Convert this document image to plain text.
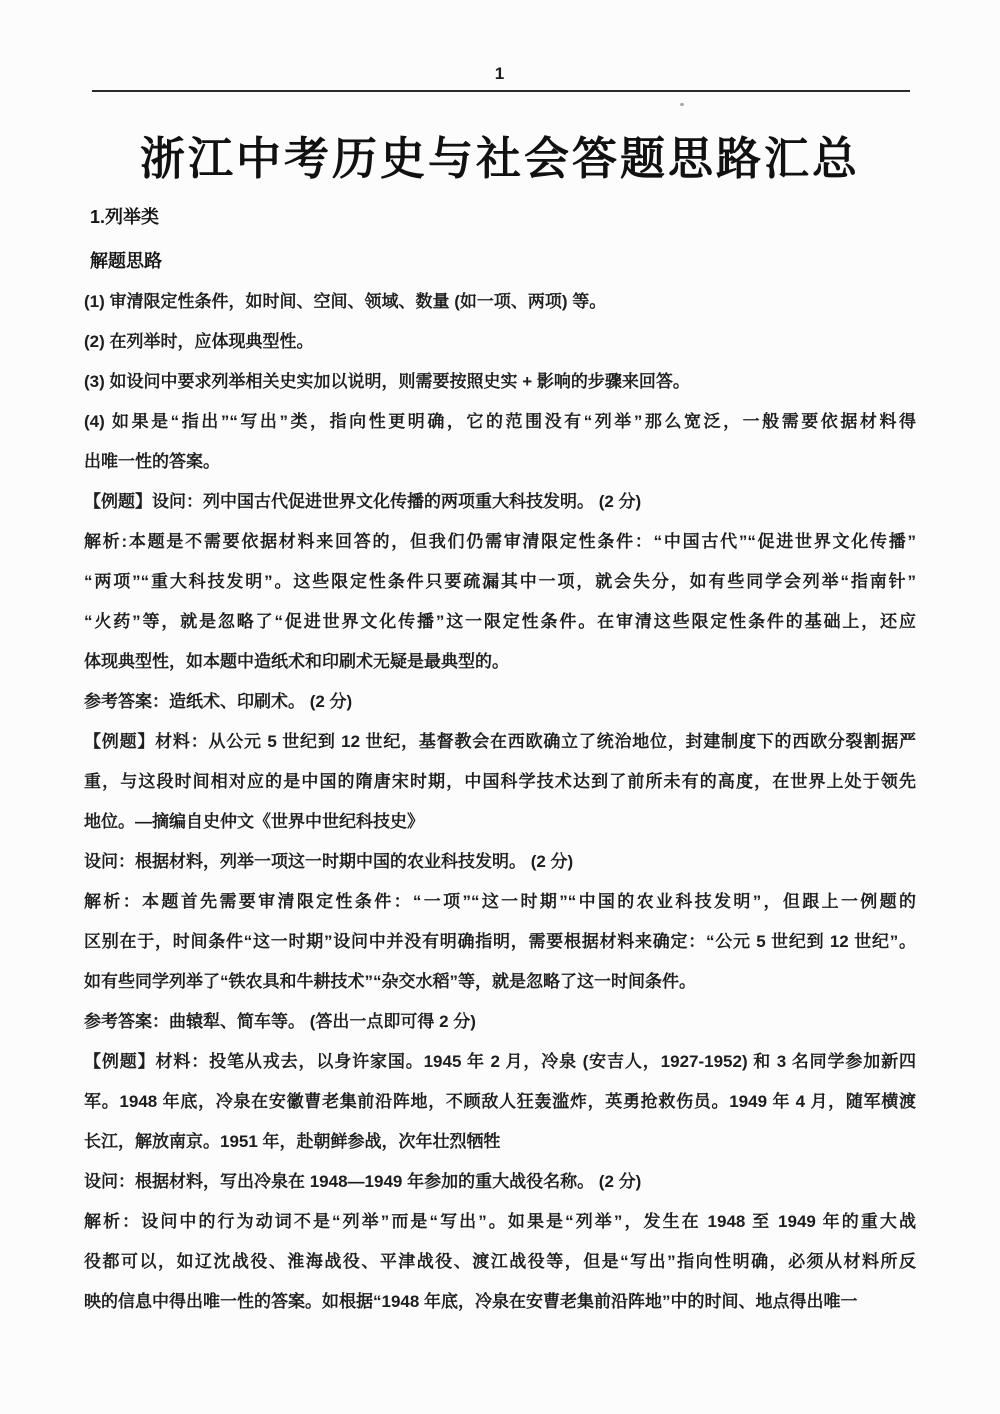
1
浙江中考历史与社会答题思路汇总
1.列举类
解题思路
(1) 审清限定性条件，如时间、空间、领域、数量 (如一项、两项) 等。
(2) 在列举时，应体现典型性。
(3) 如设问中要求列举相关史实加以说明，则需要按照史实 + 影响的步骤来回答。
(4) 如果是“指出”“写出”类，指向性更明确，它的范围没有“列举”那么宽泛，一般需要依据材料得
出唯一性的答案。
【例题】设问：列中国古代促进世界文化传播的两项重大科技发明。 (2 分)
解析:本题是不需要依据材料来回答的，但我们仍需审清限定性条件：“中国古代”“促进世界文化传播”
“两项”“重大科技发明”。这些限定性条件只要疏漏其中一项，就会失分，如有些同学会列举“指南针”
“火药”等，就是忽略了“促进世界文化传播”这一限定性条件。在审清这些限定性条件的基础上，还应
体现典型性，如本题中造纸术和印刷术无疑是最典型的。
参考答案：造纸术、印刷术。 (2 分)
【例题】材料：从公元 5 世纪到 12 世纪，基督教会在西欧确立了统治地位，封建制度下的西欧分裂割据严
重，与这段时间相对应的是中国的隋唐宋时期，中国科学技术达到了前所未有的高度，在世界上处于领先
地位。—摘编自史仲文《世界中世纪科技史》
设问：根据材料，列举一项这一时期中国的农业科技发明。 (2 分)
解析：本题首先需要审清限定性条件：“一项”“这一时期”“中国的农业科技发明”，但跟上一例题的
区别在于，时间条件“这一时期”设问中并没有明确指明，需要根据材料来确定：“公元 5 世纪到 12 世纪”。
如有些同学列举了“铁农具和牛耕技术”“杂交水稻”等，就是忽略了这一时间条件。
参考答案：曲辕犁、简车等。 (答出一点即可得 2 分)
【例题】材料：投笔从戎去，以身许家国。1945 年 2 月，冷泉 (安吉人，1927-1952) 和 3 名同学参加新四
军。1948 年底，冷泉在安徽曹老集前沿阵地，不顾敌人狂轰滥炸，英勇抢救伤员。1949 年 4 月，随军横渡
长江，解放南京。1951 年，赴朝鲜参战，次年壮烈牺牲
设问：根据材料，写出冷泉在 1948—1949 年参加的重大战役名称。 (2 分)
解析：设问中的行为动词不是“列举”而是“写出”。如果是“列举”，发生在 1948 至 1949 年的重大战
役都可以，如辽沈战役、淮海战役、平津战役、渡江战役等，但是“写出”指向性明确，必须从材料所反
映的信息中得出唯一性的答案。如根据“1948 年底，冷泉在安曹老集前沿阵地”中的时间、地点得出唯一
